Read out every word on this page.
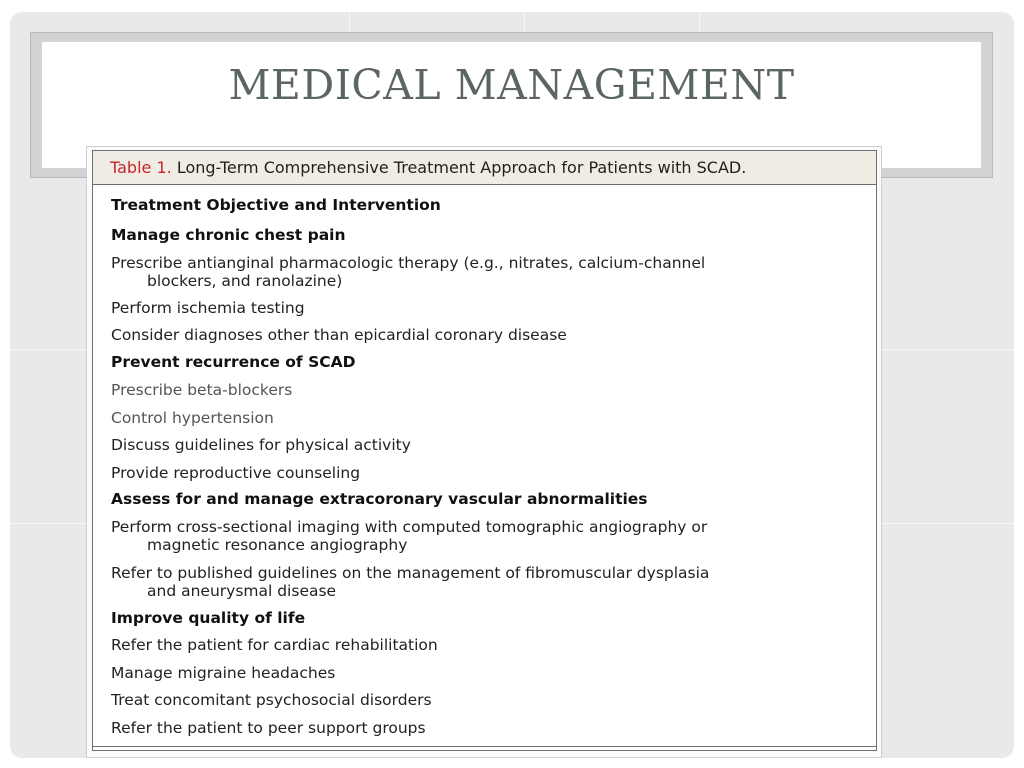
MEDICAL MANAGEMENT
Table 1. Long-Term Comprehensive Treatment Approach for Patients with SCAD.
Treatment Objective and Intervention
Manage chronic chest pain
Prescribe antianginal pharmacologic therapy (e.g., nitrates, calcium-channel
blockers, and ranolazine)
Perform ischemia testing
Consider diagnoses other than epicardial coronary disease
Prevent recurrence of SCAD
Prescribe beta-blockers
Control hypertension
Discuss guidelines for physical activity
Provide reproductive counseling
Assess for and manage extracoronary vascular abnormalities
Perform cross-sectional imaging with computed tomographic angiography or
magnetic resonance angiography
Refer to published guidelines on the management of fibromuscular dysplasia
and aneurysmal disease
Improve quality of life
Refer the patient for cardiac rehabilitation
Manage migraine headaches
Treat concomitant psychosocial disorders
Refer the patient to peer support groups
